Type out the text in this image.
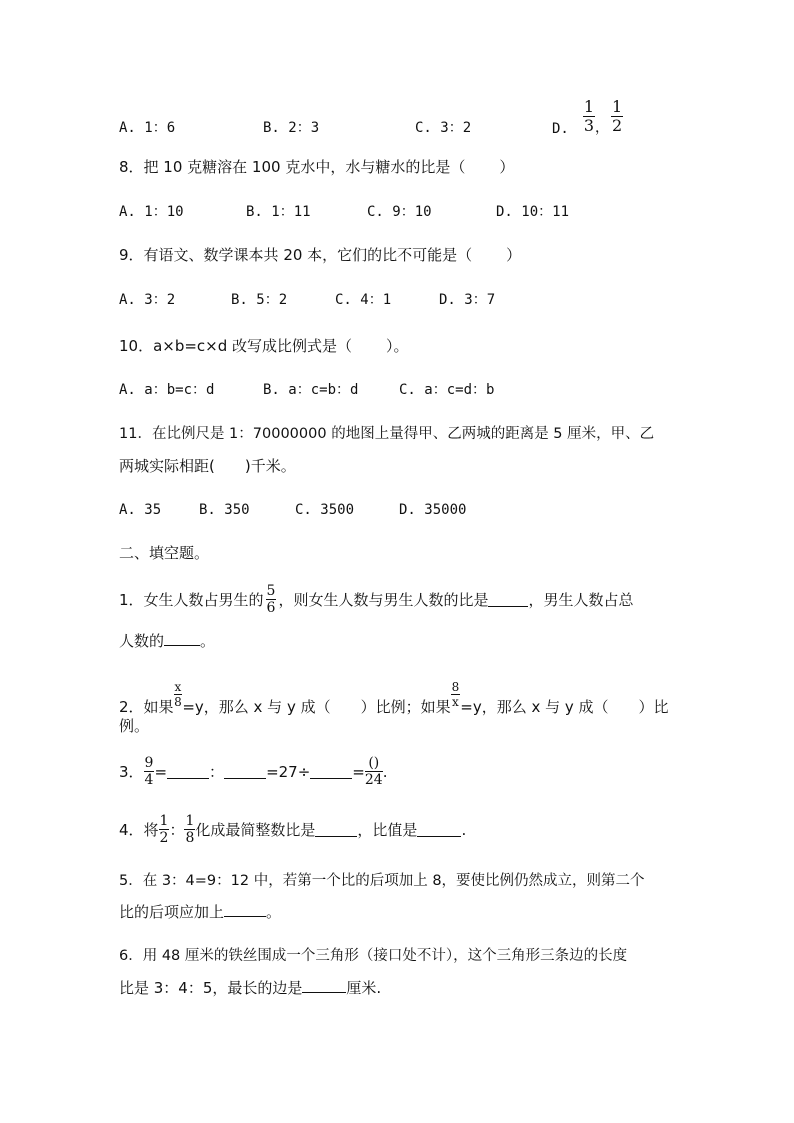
A. 1：6	B. 2：3	C. 3：2	D. $\frac{1}{3}$ ， $\frac{1}{2}$
8．把 10 克糖溶在 100 克水中，水与糖水的比是（ ）
A. 1：10	B. 1：11	C. 9：10	D. 10：11
9．有语文、数学课本共 20 本，它们的比不可能是（ ）
A. 3：2	B. 5：2	C. 4：1	D. 3：7
10．a×b=c×d 改写成比例式是（ ）。
A. a：b=c：d	B. a：c=b：d	C. a：c=d：b
11．在比例尺是 1：70000000 的地图上量得甲、乙两城的距离是 5 厘米，甲、乙
两城实际相距( )千米。
A. 35	B. 350	C. 3500	D. 35000
二、填空题。
1．女生人数占男生的 $\frac{5}{6}$ ，则女生人数与男生人数的比是	，男生人数占总
人数的 。
2．如果 $\frac{x}{8} =y$，那么 x 与 y 成（ ）比例；如果 $\frac{8}{x} =y$，那么 x 与 y 成（ ）比
例。
3． $\frac{9}{4}$ =	：	=27÷	= $\frac{()}{24}$ .
4．将 $\frac{1}{2}$ ： $\frac{1}{8}$ 化成最简整数比是	，比值是	.
5．在 3：4=9：12 中，若第一个比的后项加上 8，要使比例仍然成立，则第二个
比的后项应加上	。
6．用 48 厘米的铁丝围成一个三角形（接口处不计），这个三角形三条边的长度
比是 3：4：5，最长的边是	厘米.
